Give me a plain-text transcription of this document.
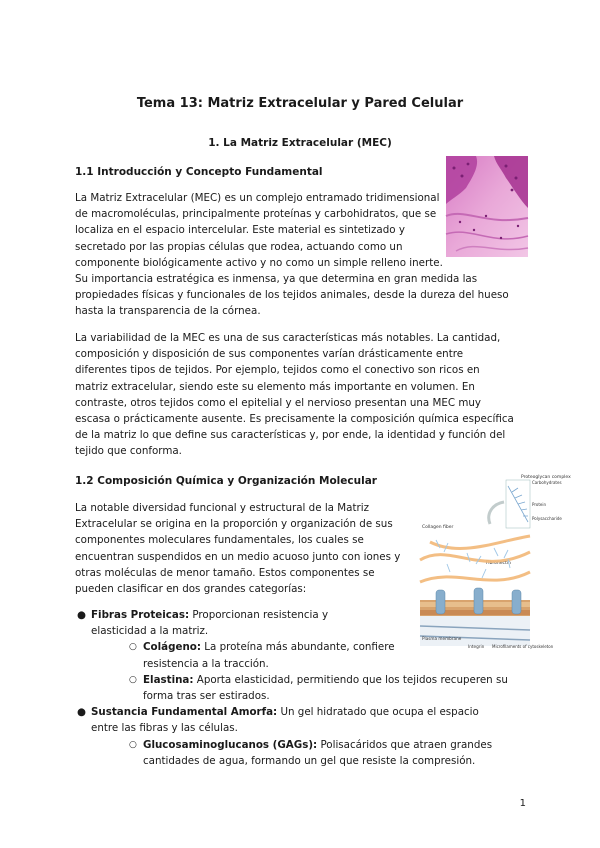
Tema 13: Matriz Extracelular y Pared Celular
1. La Matriz Extracelular (MEC)
1.1 Introducción y Concepto Fundamental

La Matriz Extracelular (MEC) es un complejo entramado tridimensional
de macromoléculas, principalmente proteínas y carbohidratos, que se
localiza en el espacio intercelular. Este material es sintetizado y
secretado por las propias células que rodea, actuando como un
componente biológicamente activo y no como un simple relleno inerte.
Su importancia estratégica es inmensa, ya que determina en gran medida las
propiedades físicas y funcionales de los tejidos animales, desde la dureza del hueso
hasta la transparencia de la córnea.

La variabilidad de la MEC es una de sus características más notables. La cantidad,
composición y disposición de sus componentes varían drásticamente entre
diferentes tipos de tejidos. Por ejemplo, tejidos como el conectivo son ricos en
matriz extracelular, siendo este su elemento más importante en volumen. En
contraste, otros tejidos como el epitelial y el nervioso presentan una MEC muy
escasa o prácticamente ausente. Es precisamente la composición química específica
de la matriz lo que define sus características y, por ende, la identidad y función del
tejido que conforma.

1.2 Composición Química y Organización Molecular	Proteoglycan complex
Carbohydrates
Protein
Polysaccharide
Collagen fiber
Fibronectin
Plasma membrane
Integrin Microfilaments of cytoskeleton

La notable diversidad funcional y estructural de la Matriz
Extracelular se origina en la proporción y organización de sus
componentes moleculares fundamentales, los cuales se
encuentran suspendidos en un medio acuoso junto con iones y
otras moléculas de menor tamaño. Estos componentes se
pueden clasificar en dos grandes categorías:

● Fibras Proteicas: Proporcionan resistencia y
elasticidad a la matriz.
○ Colágeno: La proteína más abundante, confiere
resistencia a la tracción.
○ Elastina: Aporta elasticidad, permitiendo que los tejidos recuperen su
forma tras ser estirados.
● Sustancia Fundamental Amorfa: Un gel hidratado que ocupa el espacio
entre las fibras y las células.
○ Glucosaminoglucanos (GAGs): Polisacáridos que atraen grandes
cantidades de agua, formando un gel que resiste la compresión.
1
